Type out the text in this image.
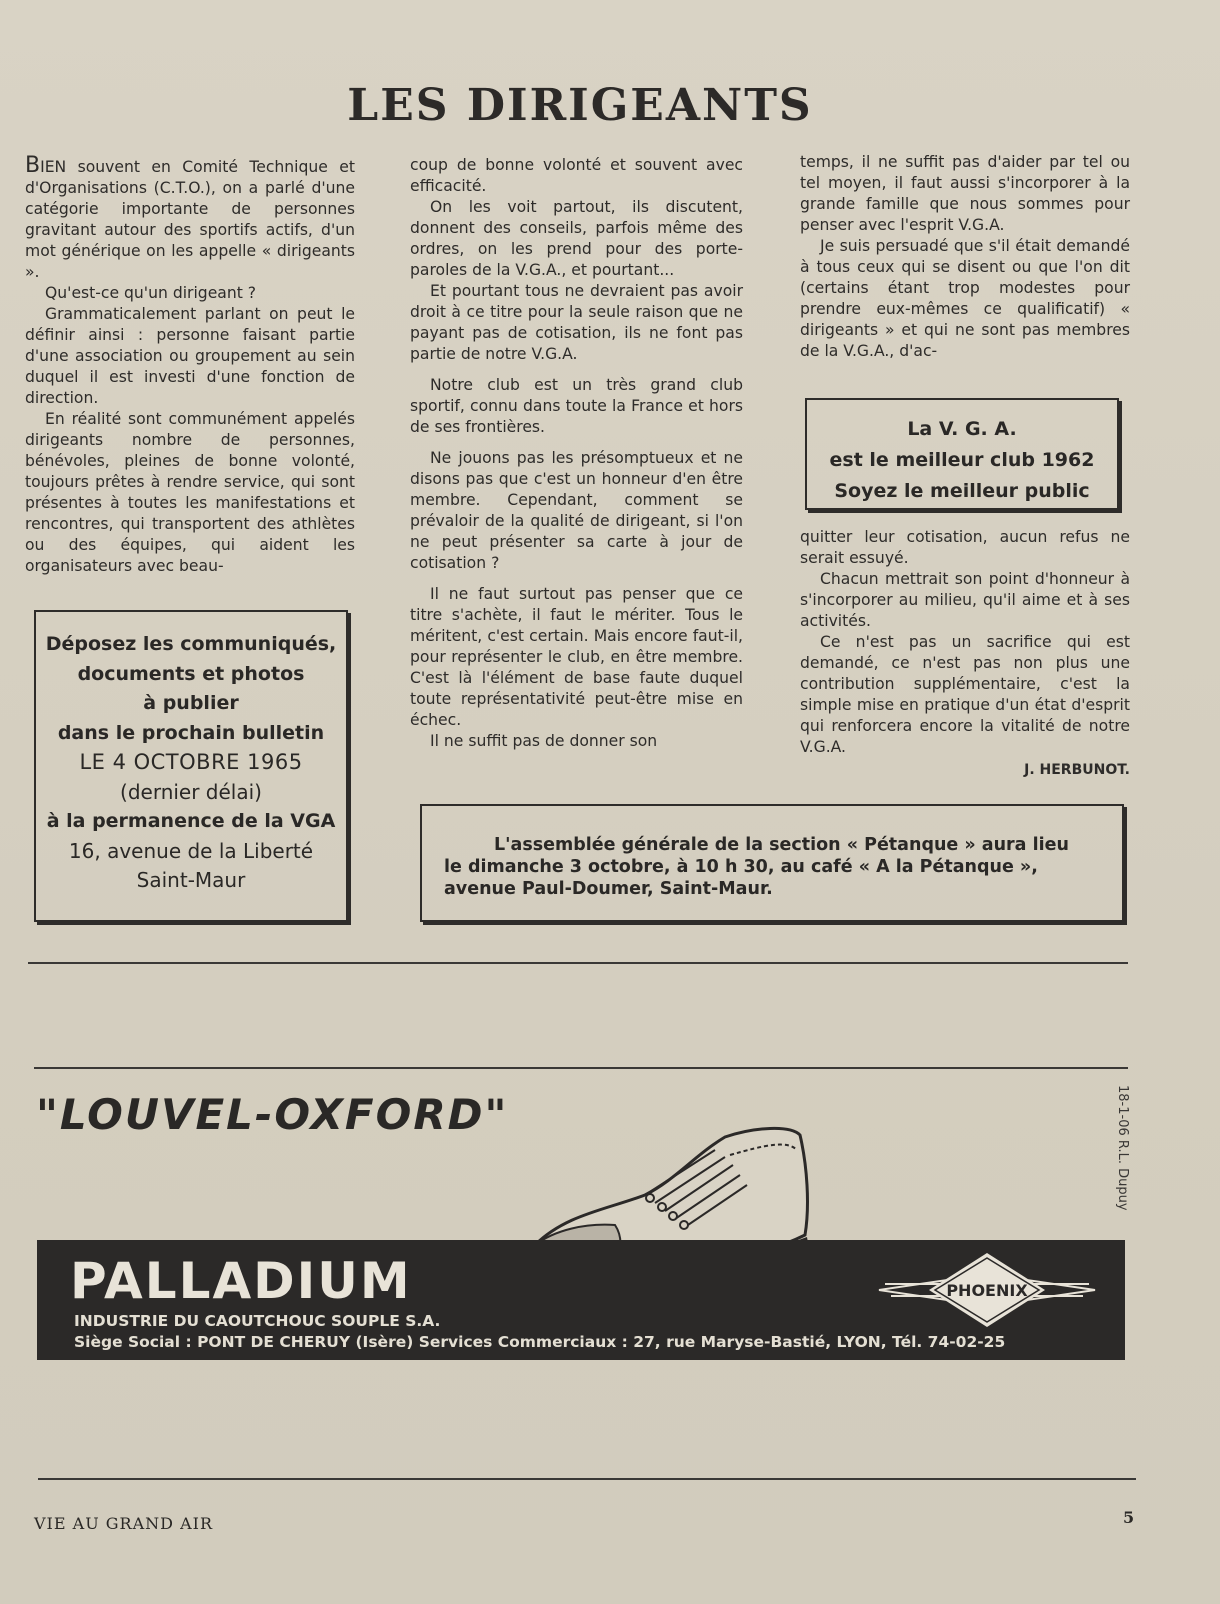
LES DIRIGEANTS

BIEN souvent en Comité Technique et d'Organisations (C.T.O.), on a parlé d'une catégorie importante de personnes gravitant autour des sportifs actifs, d'un mot générique on les appelle « dirigeants ».

Qu'est-ce qu'un dirigeant ?

Grammaticalement parlant on peut le définir ainsi : personne faisant partie d'une association ou groupement au sein duquel il est investi d'une fonction de direction.

En réalité sont communément appelés dirigeants nombre de personnes, bénévoles, pleines de bonne volonté, toujours prêtes à rendre service, qui sont présentes à toutes les manifestations et rencontres, qui transportent des athlètes ou des équipes, qui aident les organisateurs avec beau-

coup de bonne volonté et souvent avec efficacité.

On les voit partout, ils discutent, donnent des conseils, parfois même des ordres, on les prend pour des porte-paroles de la V.G.A., et pourtant...

Et pourtant tous ne devraient pas avoir droit à ce titre pour la seule raison que ne payant pas de cotisation, ils ne font pas partie de notre V.G.A.

Notre club est un très grand club sportif, connu dans toute la France et hors de ses frontières.

Ne jouons pas les présomptueux et ne disons pas que c'est un honneur d'en être membre. Cependant, comment se prévaloir de la qualité de dirigeant, si l'on ne peut présenter sa carte à jour de cotisation ?

Il ne faut surtout pas penser que ce titre s'achète, il faut le mériter. Tous le méritent, c'est certain. Mais encore faut-il, pour représenter le club, en être membre. C'est là l'élément de base faute duquel toute représentativité peut-être mise en échec.

Il ne suffit pas de donner son

temps, il ne suffit pas d'aider par tel ou tel moyen, il faut aussi s'incorporer à la grande famille que nous sommes pour penser avec l'esprit V.G.A.

Je suis persuadé que s'il était demandé à tous ceux qui se disent ou que l'on dit (certains étant trop modestes pour prendre eux-mêmes ce qualificatif) « dirigeants » et qui ne sont pas membres de la V.G.A., d'ac-

La V. G. A.
est le meilleur club 1962
Soyez le meilleur public

quitter leur cotisation, aucun refus ne serait essuyé.

Chacun mettrait son point d'honneur à s'incorporer au milieu, qu'il aime et à ses activités.

Ce n'est pas un sacrifice qui est demandé, ce n'est pas non plus une contribution supplémentaire, c'est la simple mise en pratique d'un état d'esprit qui renforcera encore la vitalité de notre V.G.A.

J. HERBUNOT.
Déposez les communiqués,
documents et photos
à publier
dans le prochain bulletin
LE 4 OCTOBRE 1965
(dernier délai)
à la permanence de la VGA
16, avenue de la Liberté
Saint-Maur
L'assemblée générale de la section « Pétanque » aura lieu
le dimanche 3 octobre, à 10 h 30, au café « A la Pétanque »,
avenue Paul-Doumer, Saint-Maur.
"LOUVEL-OXFORD"	18-1-06 R.L. Dupuy
PALLADIUM
INDUSTRIE DU CAOUTCHOUC SOUPLE S.A.
Siège Social : PONT DE CHERUY (Isère) Services Commerciaux : 27, rue Maryse-Bastié, LYON, Tél. 74-02-25
PHOENIX
VIE AU GRAND AIR	5
